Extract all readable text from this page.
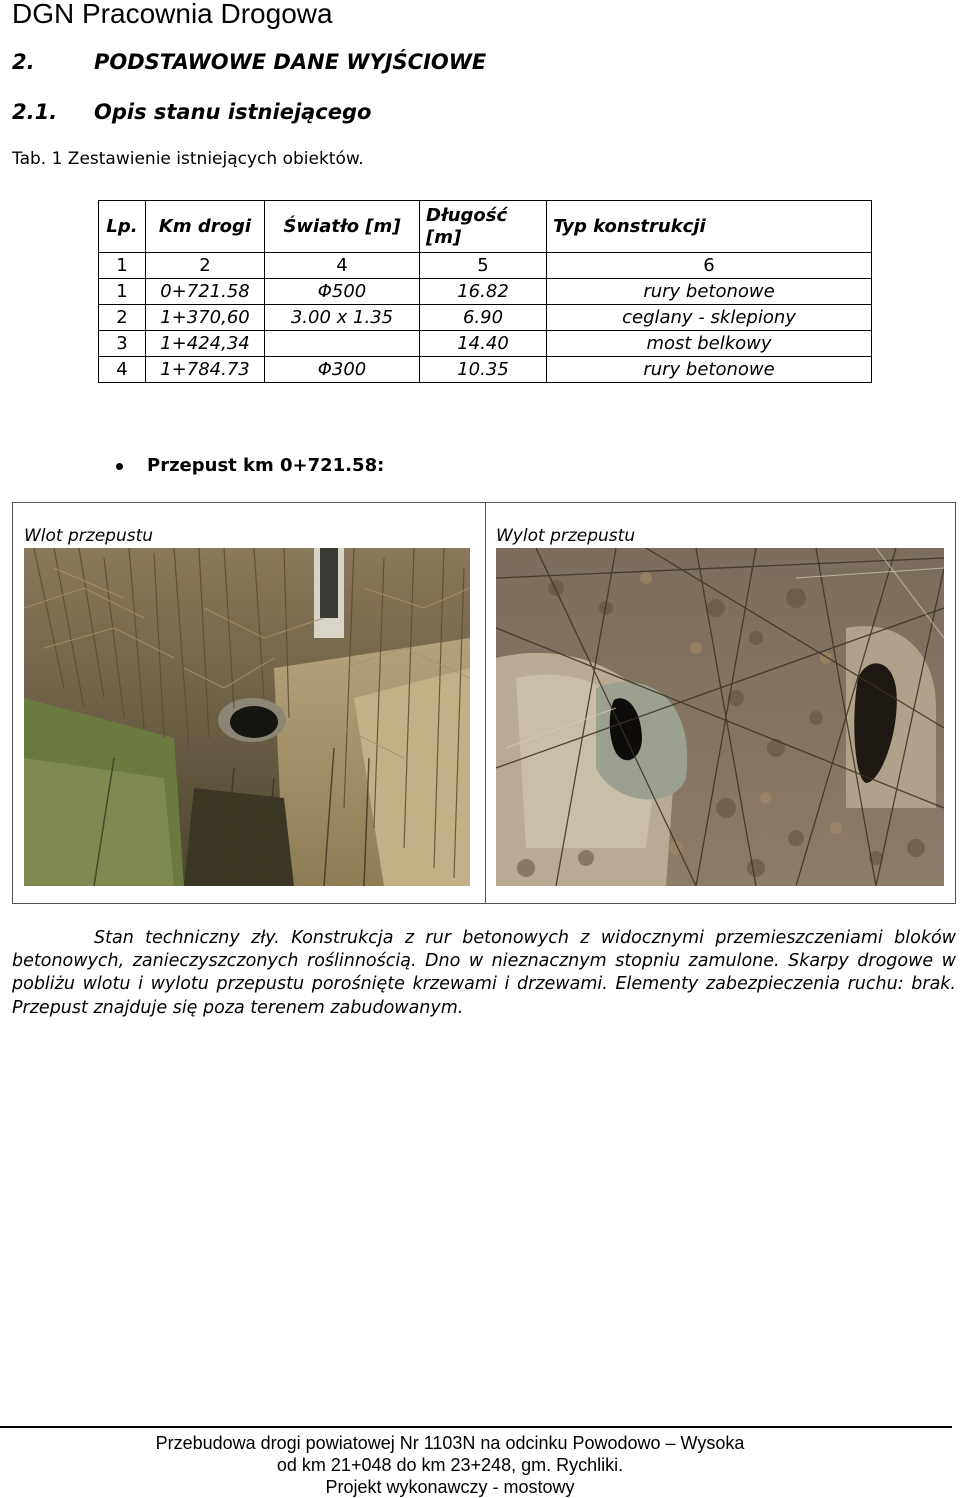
DGN Pracownia Drogowa
2.	PODSTAWOWE DANE WYJŚCIOWE
2.1. Opis stanu istniejącego
Tab. 1 Zestawienie istniejących obiektów.
Lp.	Km drogi	Światło [m]	Długość [m]	Typ konstrukcji
1	2	4	5	6
1	0+721.58	Φ500	16.82	rury betonowe
2	1+370,60	3.00 x 1.35	6.90	ceglany - sklepiony
3	1+424,34		14.40	most belkowy
4	1+784.73	Φ300	10.35	rury betonowe
Przepust km 0+721.58:
Wlot przepustu	Wylot przepustu
Stan techniczny zły. Konstrukcja z rur betonowych z widocznymi przemieszczeniami bloków betonowych, zanieczyszczonych roślinnością. Dno w nieznacznym stopniu zamulone. Skarpy drogowe w pobliżu wlotu i wylotu przepustu porośnięte krzewami i drzewami. Elementy zabezpieczenia ruchu: brak. Przepust znajduje się poza terenem zabudowanym.
Przebudowa drogi powiatowej Nr 1103N na odcinku Powodowo – Wysoka
od km 21+048 do km 23+248, gm. Rychliki.
Projekt wykonawczy - mostowy
